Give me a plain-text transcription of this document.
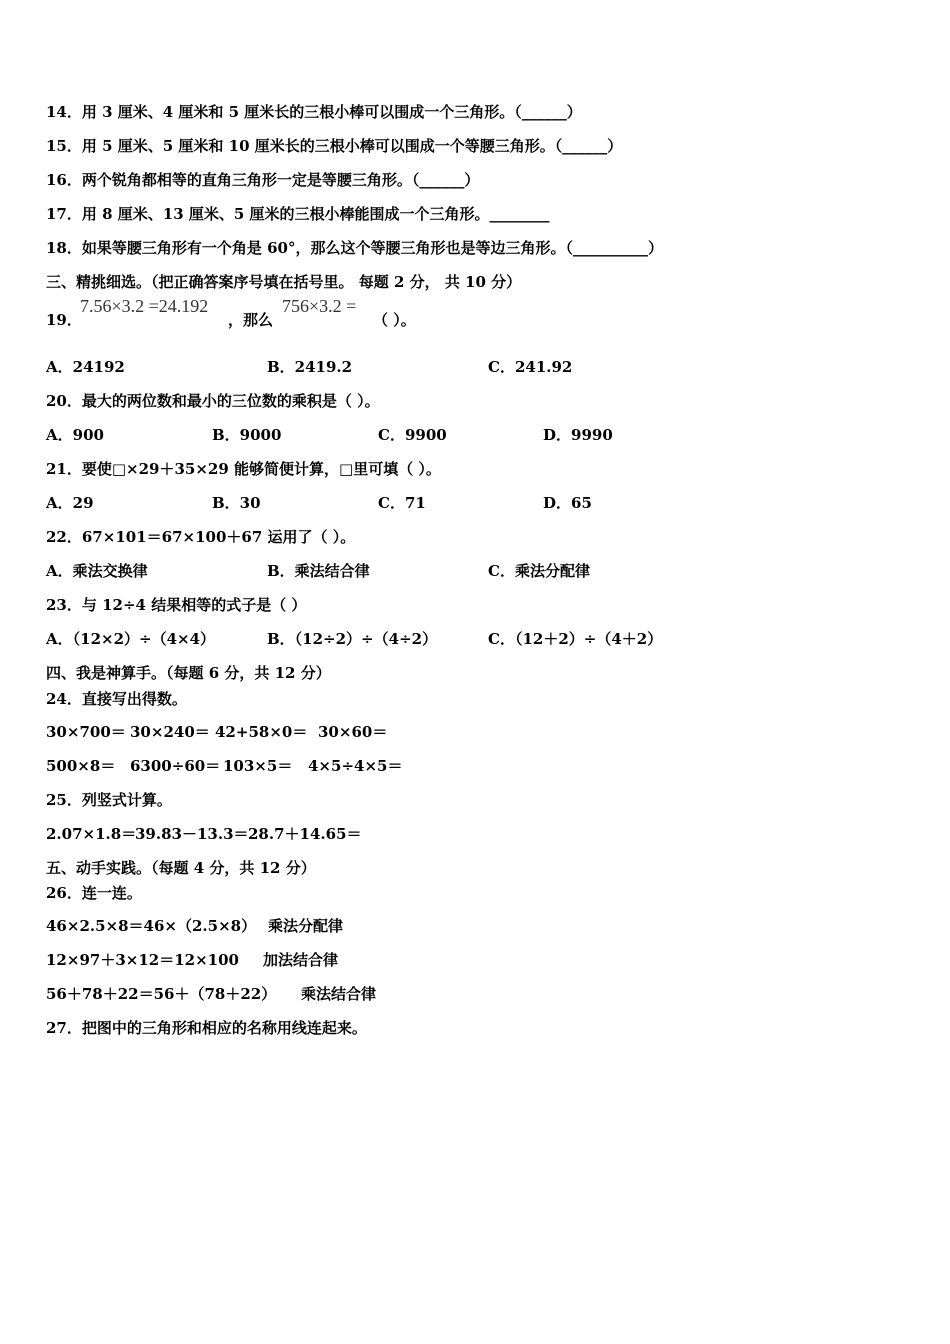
14．用 3 厘米、4 厘米和 5 厘米长的三根小棒可以围成一个三角形。（______）
15．用 5 厘米、5 厘米和 10 厘米长的三根小棒可以围成一个等腰三角形。（______）
16．两个锐角都相等的直角三角形一定是等腰三角形。（______）
17．用 8 厘米、13 厘米、5 厘米的三根小棒能围成一个三角形。________
18．如果等腰三角形有一个角是 60°，那么这个等腰三角形也是等边三角形。（__________）
三、精挑细选。（把正确答案序号填在括号里。 每题 2 分， 共 10 分）
19．
7.56×3.2 =24.192
，那么
756×3.2 =
（ ）。
A．24192	B．2419.2	C．241.92
20．最大的两位数和最小的三位数的乘积是（ ）。
A．900	B．9000	C．9900	D．9990
21．要使□×29＋35×29 能够简便计算，□里可填（ ）。
A．29	B．30	C．71	D．65
22．67×101＝67×100＋67 运用了（ ）。
A．乘法交换律	B．乘法结合律	C．乘法分配律
23．与 12÷4 结果相等的式子是（ ）
A．（12×2）÷（4×4）	B．（12÷2）÷（4÷2）	C．（12＋2）÷（4＋2）
四、我是神算手。（每题 6 分，共 12 分）
24．直接写出得数。
30×700＝ 30×240＝ 42+58×0＝ 30×60＝
500×8＝ 6300÷60＝ 103×5＝ 4×5÷4×5＝
25．列竖式计算。
2.07×1.8＝
39.83－13.3＝ 28.7＋14.65＝
五、动手实践。（每题 4 分，共 12 分）
26．连一连。
46×2.5×8＝46×（2.5×8） 乘法分配律
12×97＋3×12＝12×100 加法结合律
56＋78＋22＝56＋（78＋22） 乘法结合律
27．把图中的三角形和相应的名称用线连起来。
